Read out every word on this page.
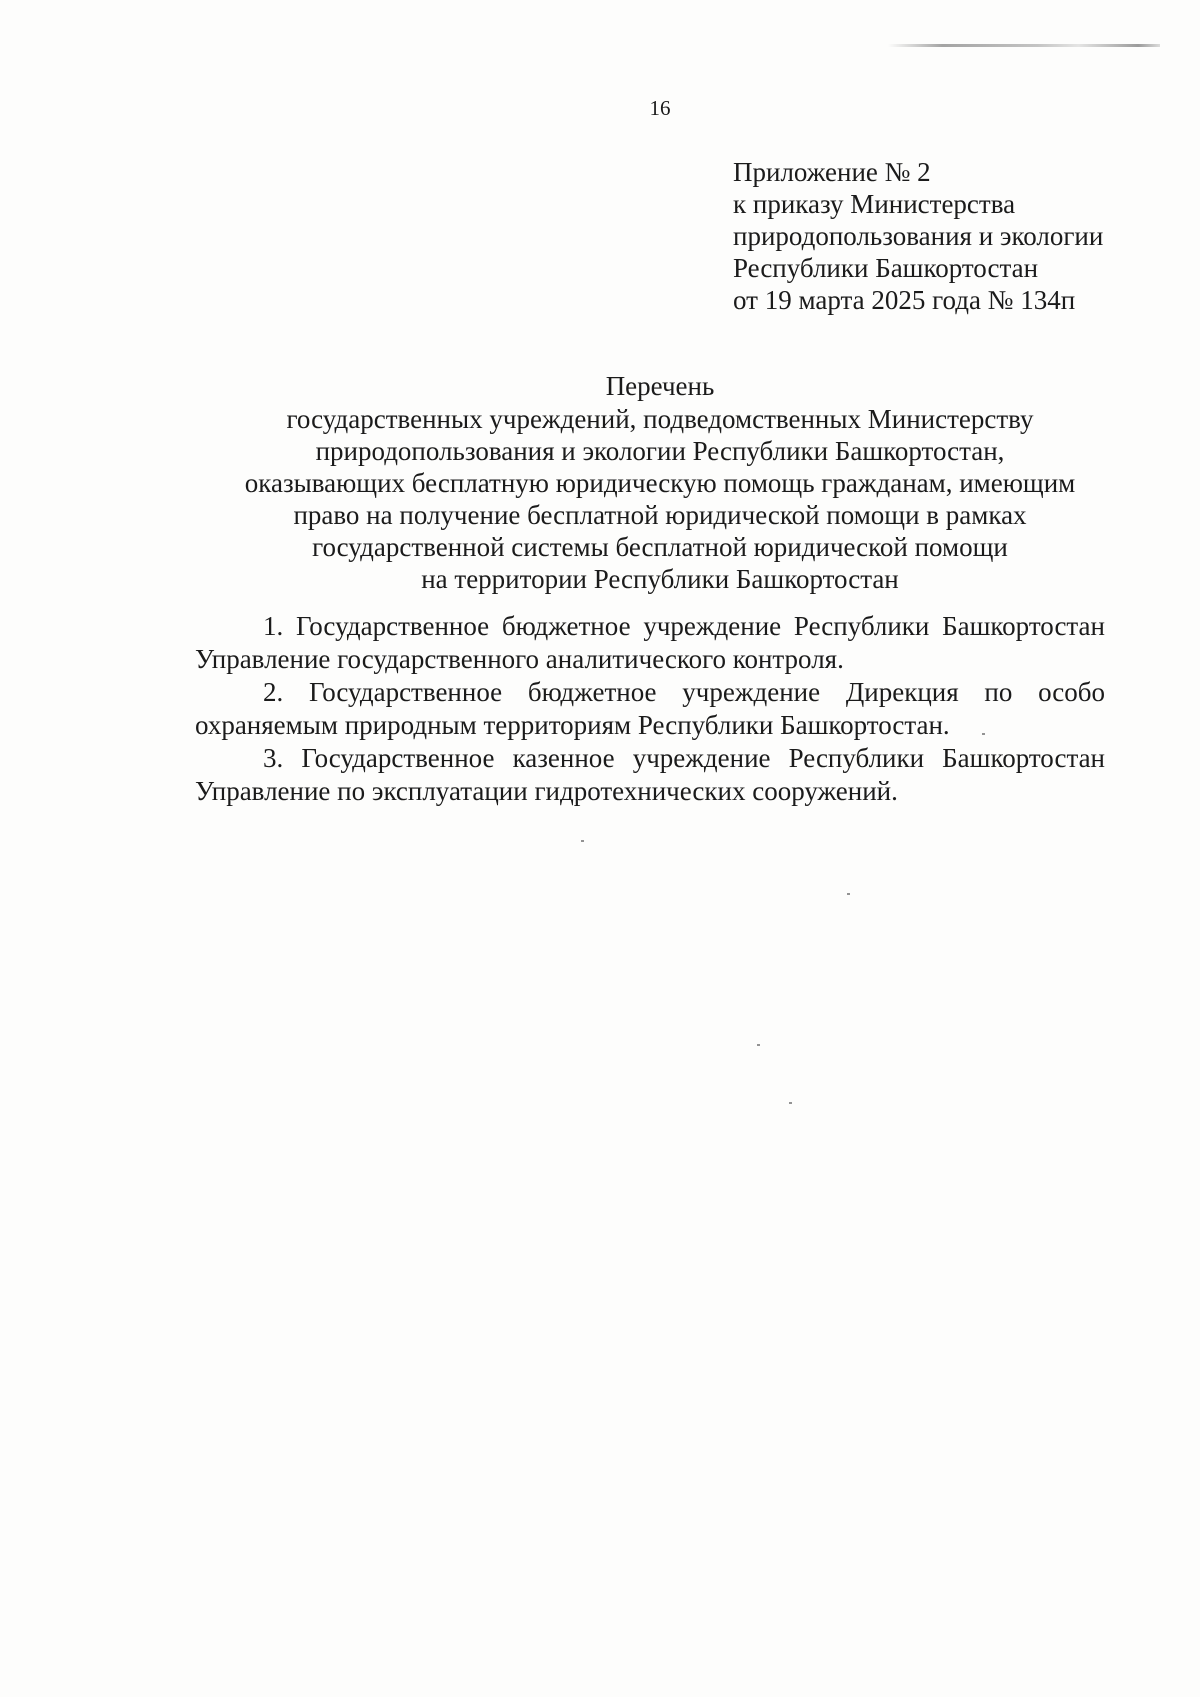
16
Приложение № 2
к приказу Министерства
природопользования и экологии
Республики Башкортостан
от 19 марта 2025 года № 134п
Перечень
государственных учреждений, подведомственных Министерству
природопользования и экологии Республики Башкортостан,
оказывающих бесплатную юридическую помощь гражданам, имеющим
право на получение бесплатной юридической помощи в рамках
государственной системы бесплатной юридической помощи
на территории Республики Башкортостан

1. Государственное бюджетное учреждение Республики Башкортостан Управление государственного аналитического контроля.

2. Государственное бюджетное учреждение Дирекция по особо охраняемым природным территориям Республики Башкортостан.

3. Государственное казенное учреждение Республики Башкортостан Управление по эксплуатации гидротехнических сооружений.
